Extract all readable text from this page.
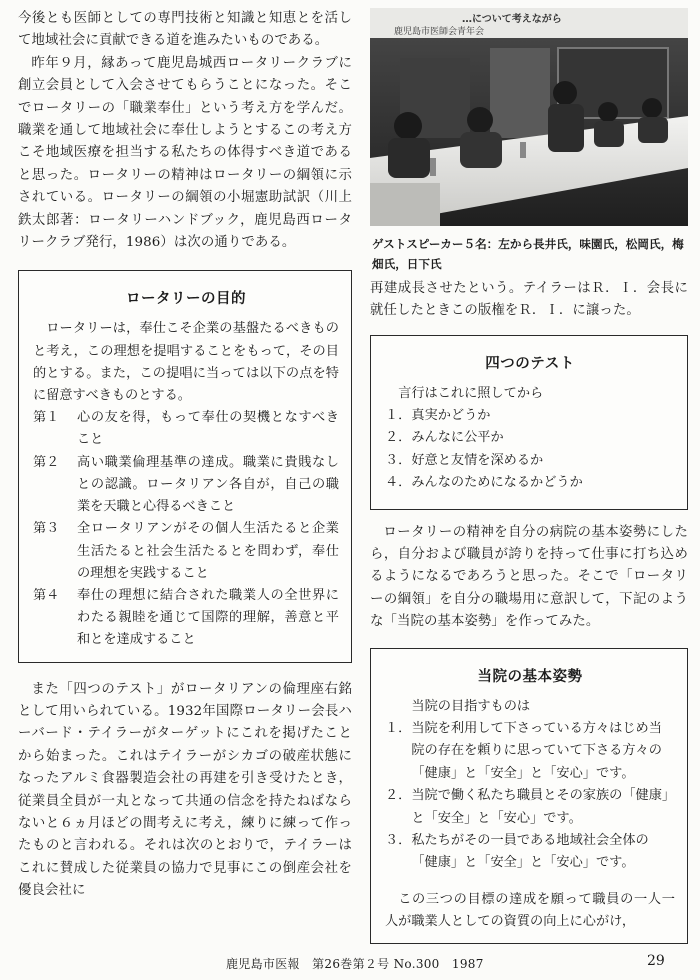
今後とも医師としての専門技術と知識と知恵とを活して地域社会に貢献できる道を進みたいものである。

昨年９月，縁あって鹿児島城西ロータリークラブに創立会員として入会させてもらうことになった。そこでロータリーの「職業奉仕」という考え方を学んだ。職業を通して地域社会に奉仕しようとするこの考え方こそ地域医療を担当する私たちの体得すべき道であると思った。ロータリーの精神はロータリーの綱領に示されている。ロータリーの綱領の小堀憲助試訳（川上鉄太郎著：ロータリーハンドブック，鹿児島西ロータリークラブ発行，1986）は次の通りである。

ロータリーの目的

ロータリーは，奉仕こそ企業の基盤たるべきものと考え，この理想を提唱することをもって，その目的とする。また，この提唱に当っては以下の点を特に留意すべきものとする。

第１	心の友を得，もって奉仕の契機となすべきこと
第２	高い職業倫理基準の達成。職業に貴賎なしとの認識。ロータリアン各自が，自己の職業を天職と心得るべきこと
第３	全ロータリアンがその個人生活たると企業生活たると社会生活たるとを問わず，奉仕の理想を実践すること
第４	奉仕の理想に結合された職業人の全世界にわたる親睦を通じて国際的理解，善意と平和とを達成すること

また「四つのテスト」がロータリアンの倫理座右銘として用いられている。1932年国際ロータリー会長ハーバード・テイラーがターゲットにこれを掲げたことから始まった。これはテイラーがシカゴの破産状態になったアルミ食器製造会社の再建を引き受けたとき，従業員全員が一丸となって共通の信念を持たねばならないと６ヵ月ほどの間考えに考え，練りに練って作ったものと言われる。それは次のとおりで，テイラーはこれに賛成した従業員の協力で見事にこの倒産会社を優良会社に

…について考えながら
鹿児島市医師会青年会
ゲストスピーカー５名：左から長井氏，味園氏，松岡氏，梅畑氏，日下氏

再建成長させたという。テイラーはＲ．Ｉ．会長に就任したときこの版権をＲ．Ｉ．に譲った。

四つのテスト

言行はこれに照してから

１． 真実かどうか
２． みんなに公平か
３． 好意と友情を深めるか
４． みんなのためになるかどうか

ロータリーの精神を自分の病院の基本姿勢にしたら，自分および職員が誇りを持って仕事に打ち込めるようになるであろうと思った。そこで「ロータリーの綱領」を自分の職場用に意訳して，下記のような「当院の基本姿勢」を作ってみた。

当院の基本姿勢

当院の目指すものは

１． 当院を利用して下さっている方々はじめ当院の存在を頼りに思っていて下さる方々の「健康」と「安全」と「安心」です。
２． 当院で働く私たち職員とその家族の「健康」と「安全」と「安心」です。
３． 私たちがその一員である地域社会全体の「健康」と「安全」と「安心」です。

この三つの目標の達成を願って職員の一人一人が職業人としての資質の向上に心がけ，

鹿児島市医報　第26巻第２号 No.300　1987	29
